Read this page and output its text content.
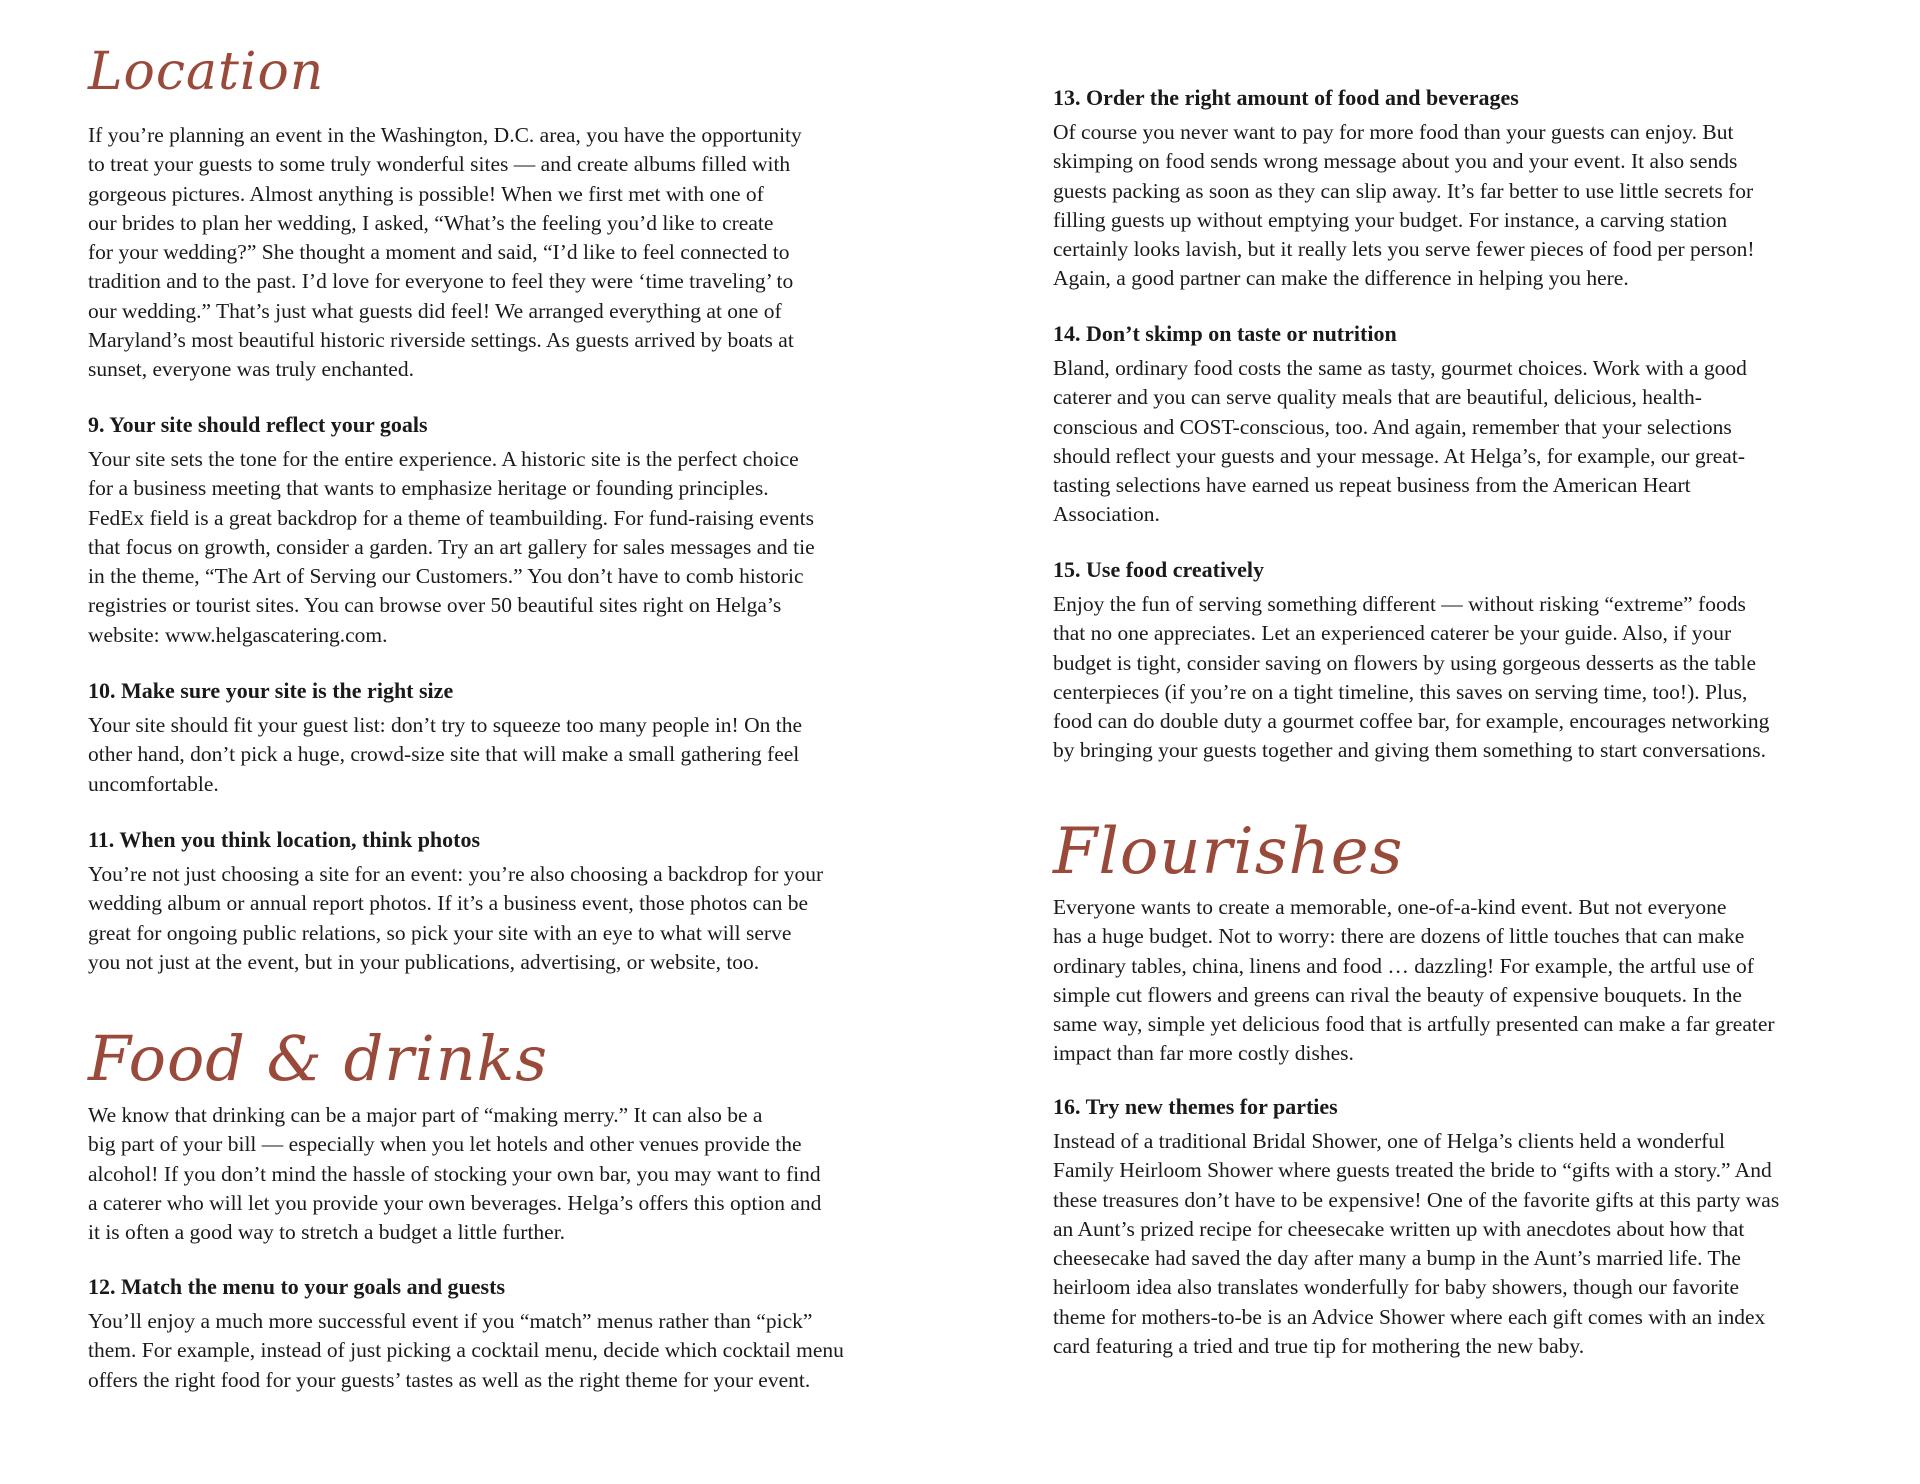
Location

If you’re planning an event in the Washington, D.C. area, you have the opportunity
to treat your guests to some truly wonderful sites — and create albums filled with
gorgeous pictures. Almost anything is possible! When we first met with one of
our brides to plan her wedding, I asked, “What’s the feeling you’d like to create
for your wedding?” She thought a moment and said, “I’d like to feel connected to
tradition and to the past. I’d love for everyone to feel they were ‘time traveling’ to
our wedding.” That’s just what guests did feel! We arranged everything at one of
Maryland’s most beautiful historic riverside settings. As guests arrived by boats at
sunset, everyone was truly enchanted.

9. Your site should reflect your goals

Your site sets the tone for the entire experience. A historic site is the perfect choice
for a business meeting that wants to emphasize heritage or founding principles.
FedEx field is a great backdrop for a theme of teambuilding. For fund-raising events
that focus on growth, consider a garden. Try an art gallery for sales messages and tie
in the theme, “The Art of Serving our Customers.” You don’t have to comb historic
registries or tourist sites. You can browse over 50 beautiful sites right on Helga’s
website: www.helgascatering.com.

10. Make sure your site is the right size

Your site should fit your guest list: don’t try to squeeze too many people in! On the
other hand, don’t pick a huge, crowd-size site that will make a small gathering feel
uncomfortable.

11. When you think location, think photos

You’re not just choosing a site for an event: you’re also choosing a backdrop for your
wedding album or annual report photos. If it’s a business event, those photos can be
great for ongoing public relations, so pick your site with an eye to what will serve
you not just at the event, but in your publications, advertising, or website, too.

Food & drinks

We know that drinking can be a major part of “making merry.” It can also be a
big part of your bill — especially when you let hotels and other venues provide the
alcohol! If you don’t mind the hassle of stocking your own bar, you may want to find
a caterer who will let you provide your own beverages. Helga’s offers this option and
it is often a good way to stretch a budget a little further.

12. Match the menu to your goals and guests

You’ll enjoy a much more successful event if you “match” menus rather than “pick”
them. For example, instead of just picking a cocktail menu, decide which cocktail menu
offers the right food for your guests’ tastes as well as the right theme for your event.

13. Order the right amount of food and beverages

Of course you never want to pay for more food than your guests can enjoy. But
skimping on food sends wrong message about you and your event. It also sends
guests packing as soon as they can slip away. It’s far better to use little secrets for
filling guests up without emptying your budget. For instance, a carving station
certainly looks lavish, but it really lets you serve fewer pieces of food per person!
Again, a good partner can make the difference in helping you here.

14. Don’t skimp on taste or nutrition

Bland, ordinary food costs the same as tasty, gourmet choices. Work with a good
caterer and you can serve quality meals that are beautiful, delicious, health-
conscious and COST-conscious, too. And again, remember that your selections
should reflect your guests and your message. At Helga’s, for example, our great-
tasting selections have earned us repeat business from the American Heart
Association.

15. Use food creatively

Enjoy the fun of serving something different — without risking “extreme” foods
that no one appreciates. Let an experienced caterer be your guide. Also, if your
budget is tight, consider saving on flowers by using gorgeous desserts as the table
centerpieces (if you’re on a tight timeline, this saves on serving time, too!). Plus,
food can do double duty a gourmet coffee bar, for example, encourages networking
by bringing your guests together and giving them something to start conversations.

Flourishes

Everyone wants to create a memorable, one-of-a-kind event. But not everyone
has a huge budget. Not to worry: there are dozens of little touches that can make
ordinary tables, china, linens and food … dazzling! For example, the artful use of
simple cut flowers and greens can rival the beauty of expensive bouquets. In the
same way, simple yet delicious food that is artfully presented can make a far greater
impact than far more costly dishes.

16. Try new themes for parties

Instead of a traditional Bridal Shower, one of Helga’s clients held a wonderful
Family Heirloom Shower where guests treated the bride to “gifts with a story.” And
these treasures don’t have to be expensive! One of the favorite gifts at this party was
an Aunt’s prized recipe for cheesecake written up with anecdotes about how that
cheesecake had saved the day after many a bump in the Aunt’s married life. The
heirloom idea also translates wonderfully for baby showers, though our favorite
theme for mothers-to-be is an Advice Shower where each gift comes with an index
card featuring a tried and true tip for mothering the new baby.
